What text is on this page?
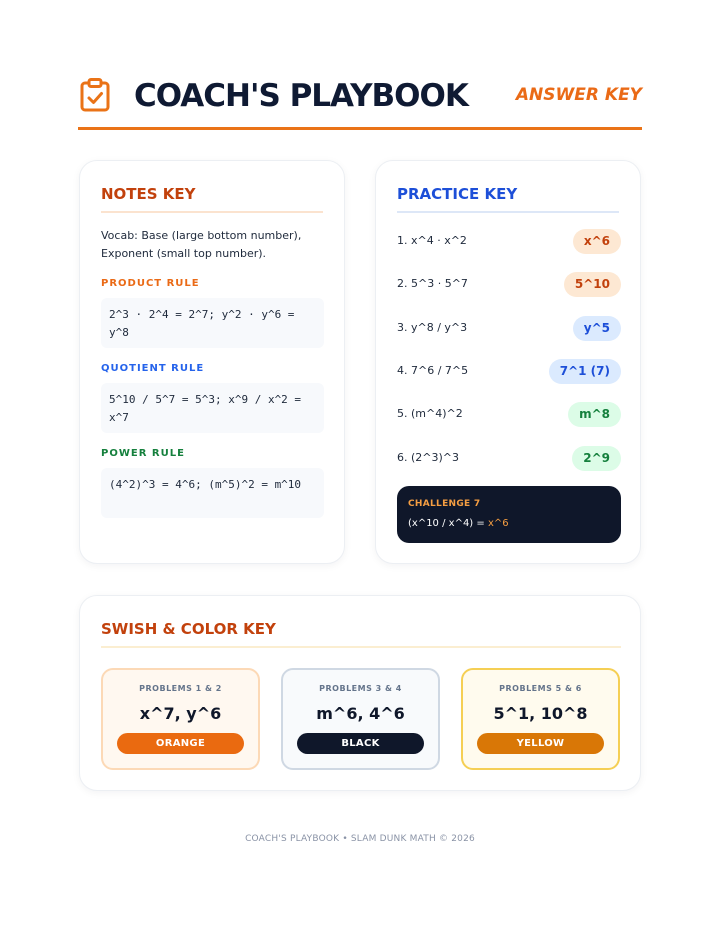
COACH'S PLAYBOOK	ANSWER KEY
NOTES KEY
Vocab: Base (large bottom number), Exponent (small top number).
PRODUCT RULE
2^3 · 2^4 = 2^7; y^2 · y^6 = y^8
QUOTIENT RULE
5^10 / 5^7 = 5^3; x^9 / x^2 = x^7
POWER RULE
(4^2)^3 = 4^6; (m^5)^2 = m^10
PRACTICE KEY
1. x^4 · x^2	x^6
2. 5^3 · 5^7	5^10
3. y^8 / y^3	y^5
4. 7^6 / 7^5	7^1 (7)
5. (m^4)^2	m^8
6. (2^3)^3	2^9
CHALLENGE 7
(x^10 / x^4) = x^6
SWISH & COLOR KEY
PROBLEMS 1 & 2
x^7, y^6
ORANGE
PROBLEMS 3 & 4
m^6, 4^6
BLACK
PROBLEMS 5 & 6
5^1, 10^8
YELLOW
COACH'S PLAYBOOK • SLAM DUNK MATH © 2026
